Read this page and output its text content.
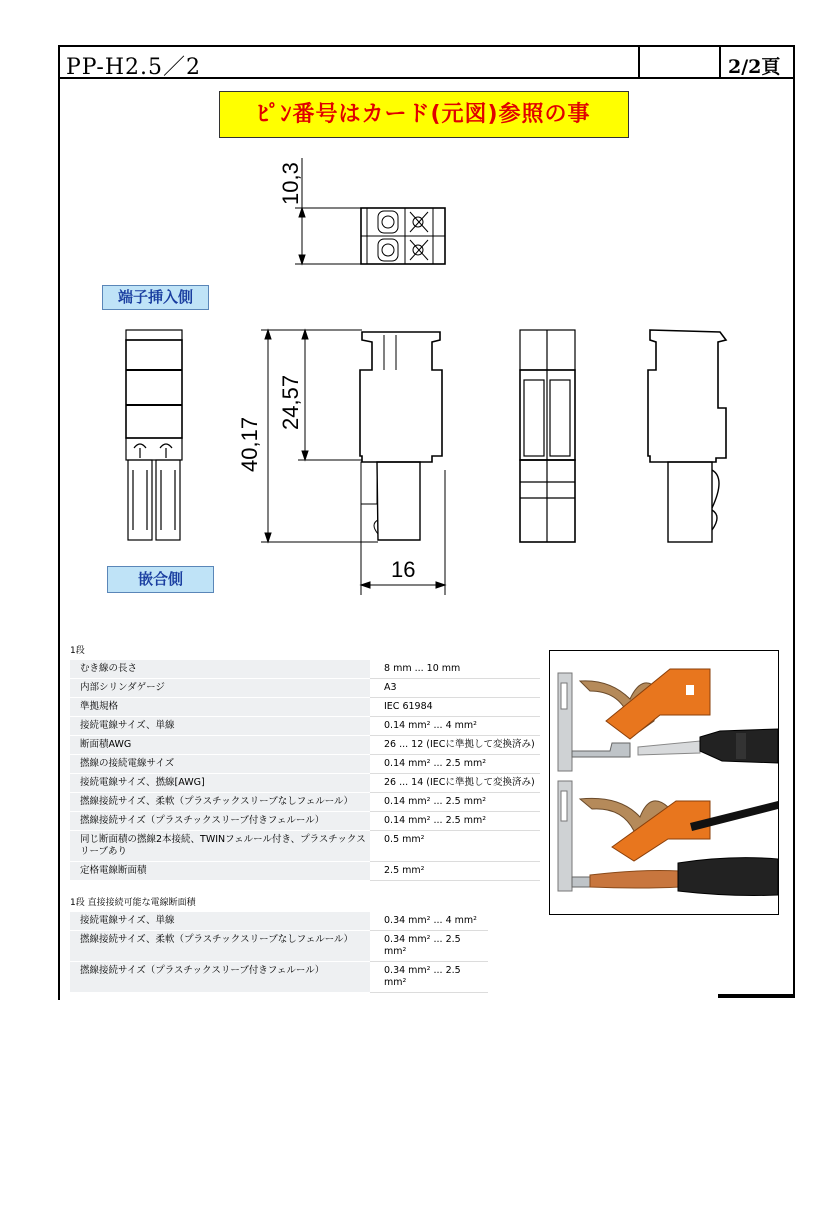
PP-H2.5／2	2/2頁
ﾋﾟﾝ番号はカード(元図)参照の事
端子挿入側
嵌合側
10,3
40,17
24,57
16
1段
むき線の長さ	8 mm ... 10 mm
内部シリンダゲージ	A3
準拠規格	IEC 61984
接続電線サイズ、単線	0.14 mm² ... 4 mm²
断面積AWG	26 ... 12 (IECに準拠して変換済み)
撚線の接続電線サイズ	0.14 mm² ... 2.5 mm²
接続電線サイズ、撚線[AWG]	26 ... 14 (IECに準拠して変換済み)
撚線接続サイズ、柔軟（プラスチックスリーブなしフェルール）	0.14 mm² ... 2.5 mm²
撚線接続サイズ（プラスチックスリーブ付きフェルール）	0.14 mm² ... 2.5 mm²
同じ断面積の撚線2本接続、TWINフェルール付き、プラスチックスリーブあり	0.5 mm²
定格電線断面積	2.5 mm²
1段 直接接続可能な電線断面積
接続電線サイズ、単線	0.34 mm² ... 4 mm²
撚線接続サイズ、柔軟（プラスチックスリーブなしフェルール）	0.34 mm² ... 2.5 mm²
撚線接続サイズ（プラスチックスリーブ付きフェルール）	0.34 mm² ... 2.5 mm²
